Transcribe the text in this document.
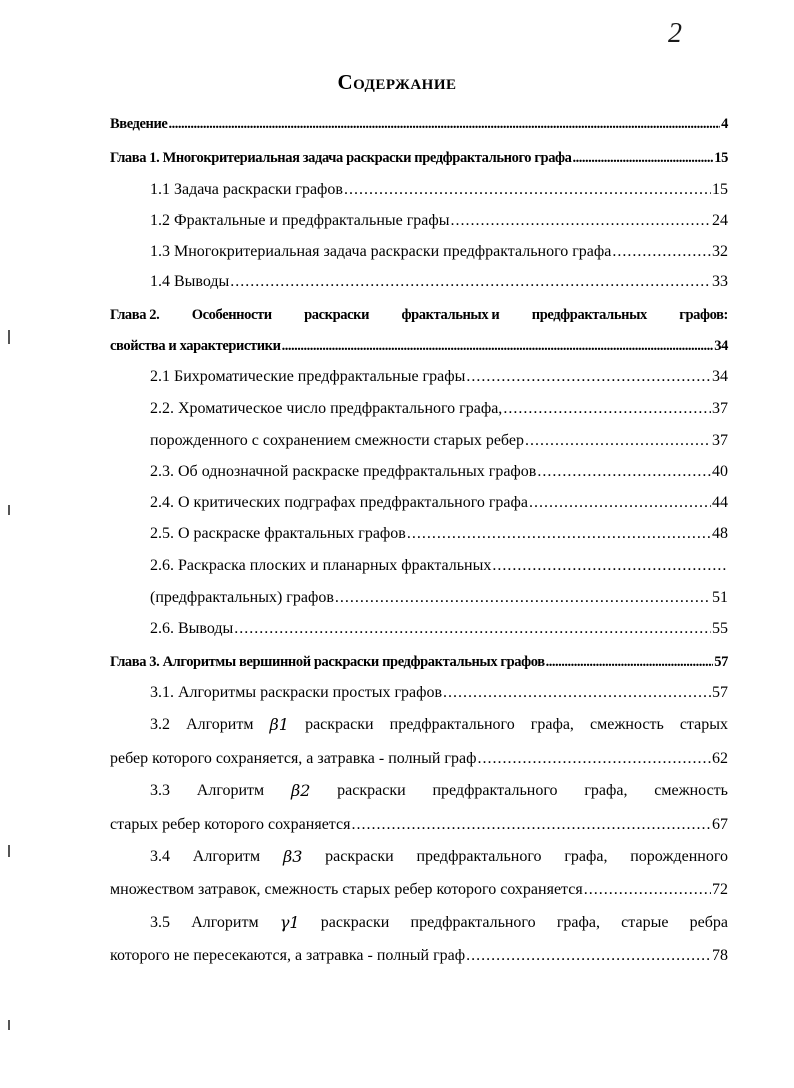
2
Содержание
Введение .....	4
Глава 1. Многокритериальная задача раскраски предфрактального графа .....	15
1.1 Задача раскраски графов .....	15
1.2 Фрактальные и предфрактальные графы .....	24
1.3 Многокритериальная задача раскраски предфрактального графа .....	32
1.4 Выводы .....	33
Глава 2. Особенности раскраски фрактальных и предфрактальных графов:
свойства и характеристики .....	34
2.1 Бихроматические предфрактальные графы .....	34
2.2. Хроматическое число предфрактального графа, .....	37
порожденного с сохранением смежности старых ребер .....	37
2.3. Об однозначной раскраске предфрактальных графов .....	40
2.4. О критических подграфах предфрактального графа .....	44
2.5. О раскраске фрактальных графов .....	48
2.6. Раскраска плоских и планарных фрактальных
.....
(предфрактальных) графов .....	51
2.6. Выводы .....	55
Глава 3. Алгоритмы вершинной раскраски предфрактальных графов .....	57
3.1. Алгоритмы раскраски простых графов .....	57
3.2 Алгоритм β1 раскраски предфрактального графа, смежность старых
ребер которого сохраняется, а затравка - полный граф .....	62
3.3 Алгоритм β2 раскраски предфрактального графа, смежность
старых ребер которого сохраняется .....	67
3.4 Алгоритм β3 раскраски предфрактального графа, порожденного
множеством затравок, смежность старых ребер которого сохраняется .....	72
3.5 Алгоритм γ1 раскраски предфрактального графа, старые ребра
которого не пересекаются, а затравка - полный граф .....	78
